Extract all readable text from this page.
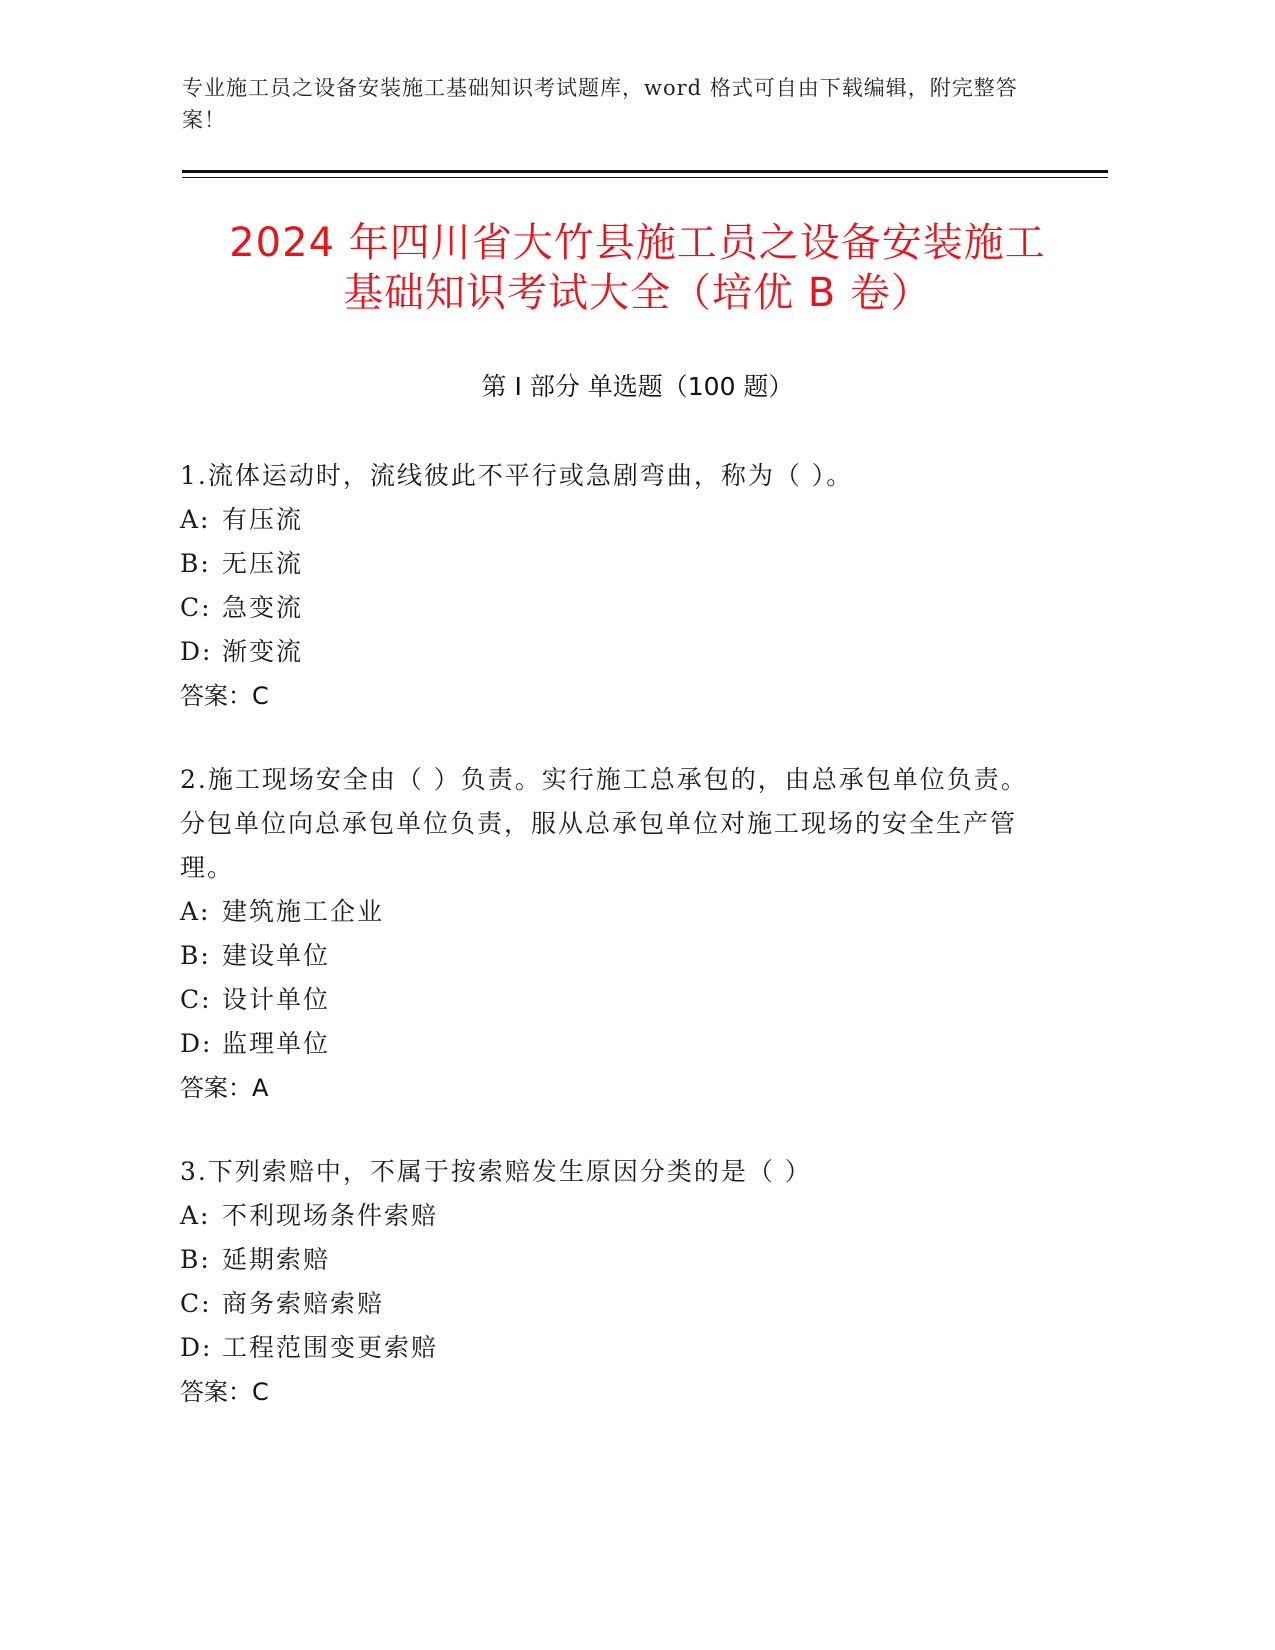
专业施工员之设备安装施工基础知识考试题库，word 格式可自由下载编辑，附完整答案！
2024 年四川省大竹县施工员之设备安装施工
基础知识考试大全（培优 B 卷）
第 I 部分 单选题（100 题）
1.流体运动时，流线彼此不平行或急剧弯曲，称为（ ）。
A: 有压流
B: 无压流
C: 急变流
D: 渐变流
答案：C
2.施工现场安全由（ ）负责。实行施工总承包的，由总承包单位负责。分包单位向总承包单位负责，服从总承包单位对施工现场的安全生产管理。
A: 建筑施工企业
B: 建设单位
C: 设计单位
D: 监理单位
答案：A
3.下列索赔中，不属于按索赔发生原因分类的是（ ）
A: 不利现场条件索赔
B: 延期索赔
C: 商务索赔索赔
D: 工程范围变更索赔
答案：C
